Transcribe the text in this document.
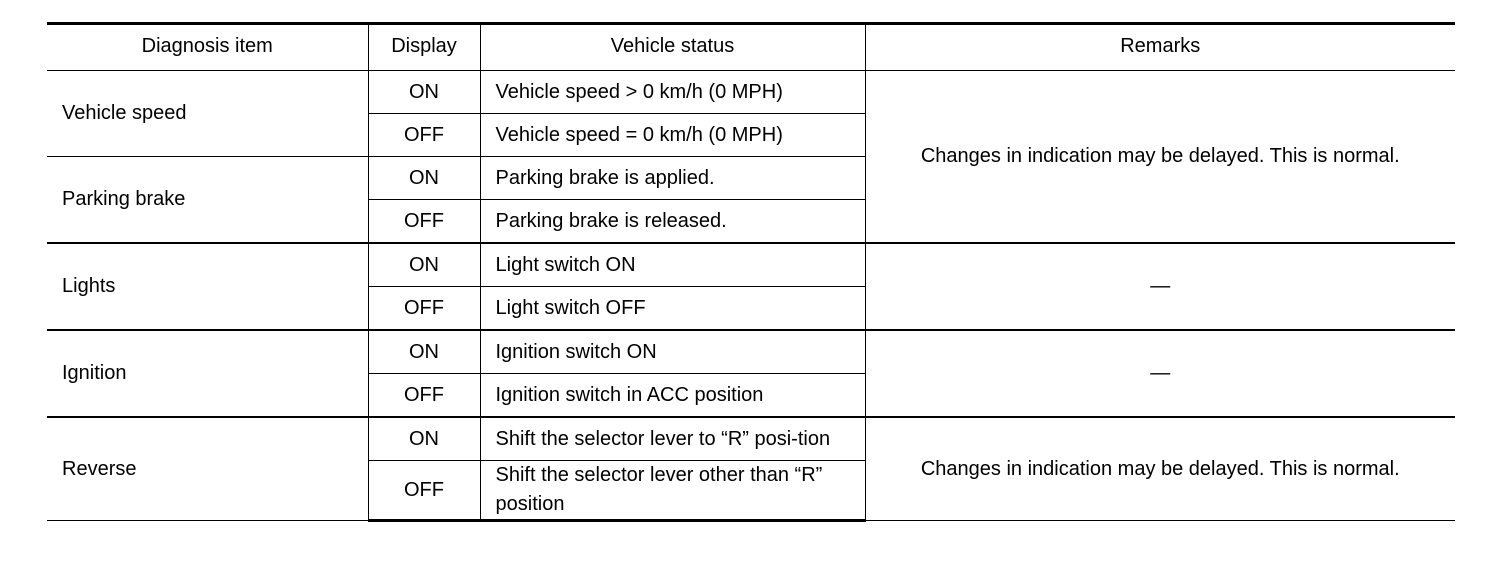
Diagnosis item	Display	Vehicle status	Remarks
Vehicle speed	ON	Vehicle speed > 0 km/h (0 MPH)	Changes in indication may be delayed. This is normal.
	OFF	Vehicle speed = 0 km/h (0 MPH)	
Parking brake	ON	Parking brake is applied.	
	OFF	Parking brake is released.	
Lights	ON	Light switch ON	—
	OFF	Light switch OFF	
Ignition	ON	Ignition switch ON	—
	OFF	Ignition switch in ACC position	
Reverse	ON	Shift the selector lever to “R” posi-tion	Changes in indication may be delayed. This is normal.
	OFF	Shift the selector lever other than “R” position	
